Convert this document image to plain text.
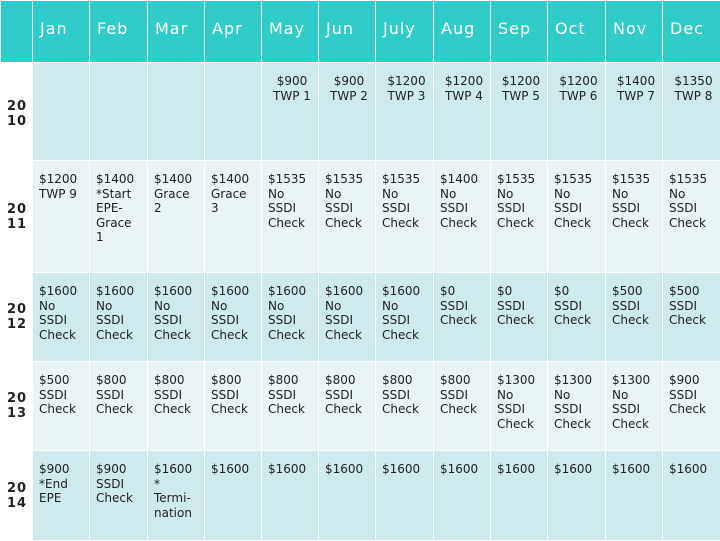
	Jan	Feb	Mar	Apr	May	Jun	July	Aug	Sep	Oct	Nov	Dec

20
10					$900
TWP 1	$900
TWP 2	$1200
TWP 3	$1200
TWP 4	$1200
TWP 5	$1200
TWP 6	$1400
TWP 7	$1350
TWP 8

20
11	$1200
TWP 9	$1400
*Start
EPE-
Grace
1	$1400
Grace
2	$1400
Grace
3	$1535
No
SSDI
Check	$1535
No
SSDI
Check	$1535
No
SSDI
Check	$1400
No
SSDI
Check	$1535
No
SSDI
Check	$1535
No
SSDI
Check	$1535
No
SSDI
Check	$1535
No
SSDI
Check

20
12	$1600
No
SSDI
Check	$1600
No
SSDI
Check	$1600
No
SSDI
Check	$1600
No
SSDI
Check	$1600
No
SSDI
Check	$1600
No
SSDI
Check	$1600
No
SSDI
Check	$0
SSDI
Check	$0
SSDI
Check	$0
SSDI
Check	$500
SSDI
Check	$500
SSDI
Check

20
13	$500
SSDI
Check	$800
SSDI
Check	$800
SSDI
Check	$800
SSDI
Check	$800
SSDI
Check	$800
SSDI
Check	$800
SSDI
Check	$800
SSDI
Check	$1300
No
SSDI
Check	$1300
No
SSDI
Check	$1300
No
SSDI
Check	$900
SSDI
Check

20
14	$900
*End
EPE	$900
SSDI
Check	$1600
*
Termi-
nation	$1600	$1600	$1600	$1600	$1600	$1600	$1600	$1600	$1600
